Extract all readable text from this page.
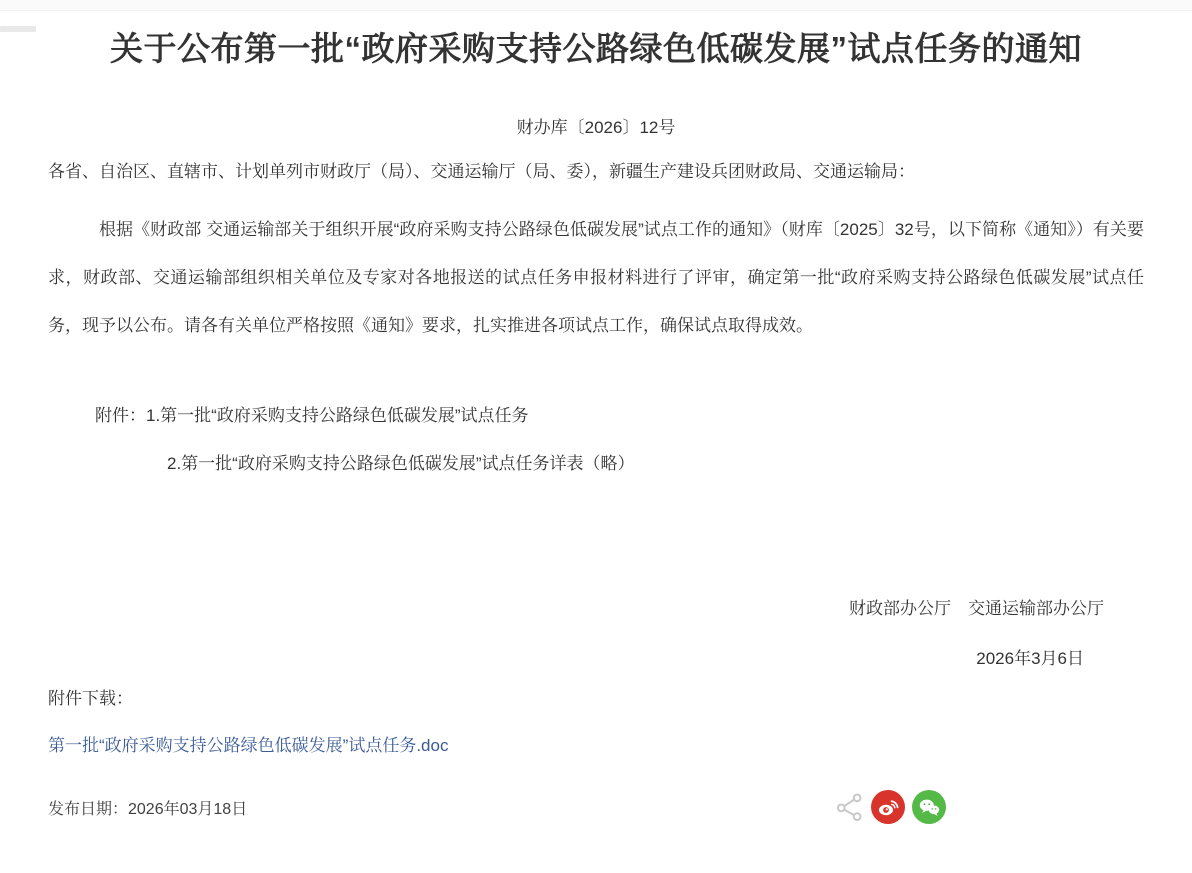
关于公布第一批“政府采购支持公路绿色低碳发展”试点任务的通知
财办库〔2026〕12号
各省、自治区、直辖市、计划单列市财政厅（局）、交通运输厅（局、委），新疆生产建设兵团财政局、交通运输局：
根据《财政部 交通运输部关于组织开展“政府采购支持公路绿色低碳发展”试点工作的通知》（财库〔2025〕32号，以下简称《通知》）有关要求，财政部、交通运输部组织相关单位及专家对各地报送的试点任务申报材料进行了评审，确定第一批“政府采购支持公路绿色低碳发展”试点任务，现予以公布。请各有关单位严格按照《通知》要求，扎实推进各项试点工作，确保试点取得成效。
附件：1.第一批“政府采购支持公路绿色低碳发展”试点任务
2.第一批“政府采购支持公路绿色低碳发展”试点任务详表（略）
财政部办公厅　交通运输部办公厅
2026年3月6日
附件下载：
第一批“政府采购支持公路绿色低碳发展”试点任务.doc
发布日期：2026年03月18日
